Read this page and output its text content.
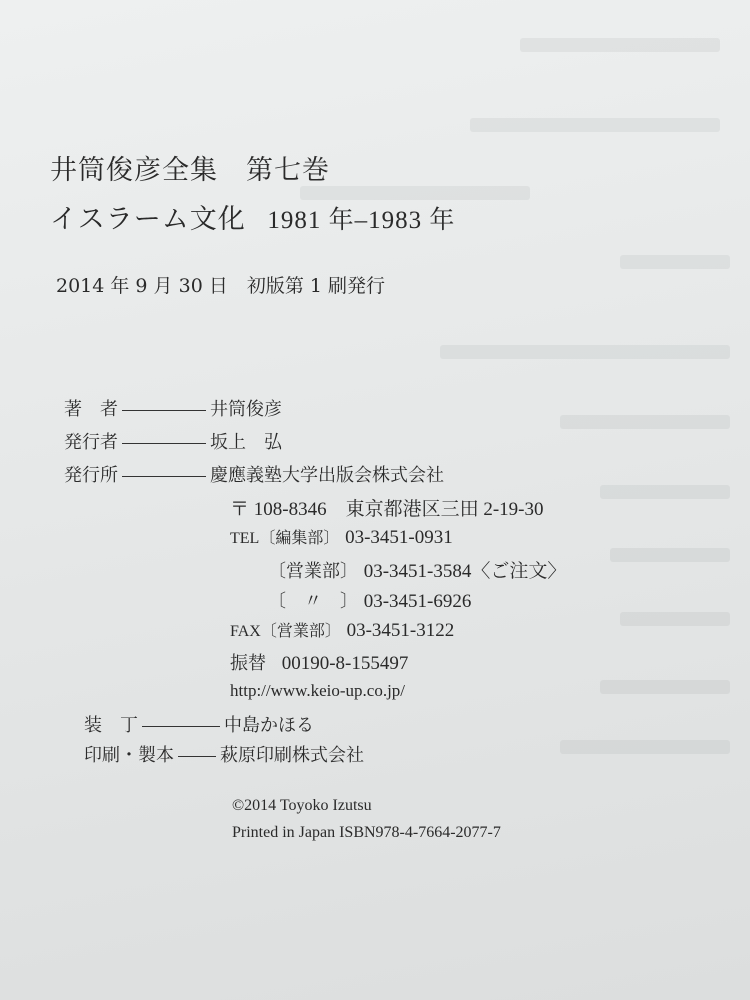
井筒俊彦全集　第七巻
イスラーム文化 1981 年–1983 年
2014 年 9 月 30 日　初版第 1 刷発行
著　者	井筒俊彦
発行者	坂上　弘
発行所	慶應義塾大学出版会株式会社
〒 108-8346　東京都港区三田 2-19-30
TEL〔編集部〕 03-3451-0931
〔営業部〕 03-3451-3584〈ご注文〉
〔　〃　〕 03-3451-6926
FAX〔営業部〕 03-3451-3122
振替 00190-8-155497
http://www.keio-up.co.jp/
装　丁	中島かほる
印刷・製本	萩原印刷株式会社
©2014 Toyoko Izutsu
Printed in Japan ISBN978-4-7664-2077-7
